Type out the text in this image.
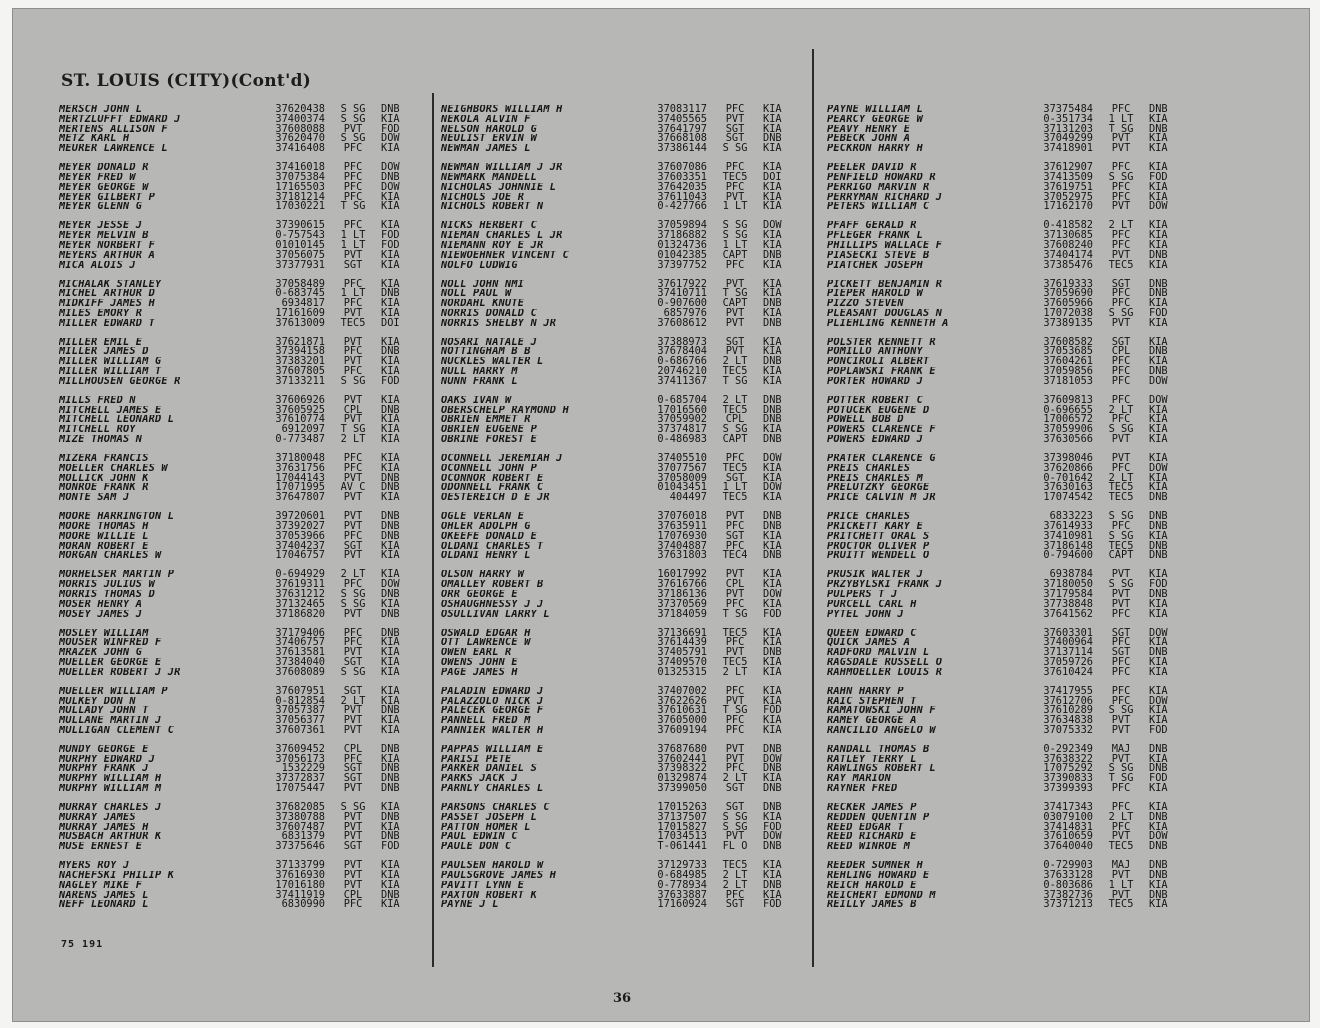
ST. LOUIS (CITY)(Cont'd)
MERSCH JOHN L	37620438	S SG	DNB
MERTZLUFFT EDWARD J	37400374	S SG	KIA
MERTENS ALLISON F	37608088	PVT	FOD
METZ KARL H	37620470	S SG	DOW
MEURER LAWRENCE L	37416408	PFC	KIA
MEYER DONALD R	37416018	PFC	DOW
MEYER FRED W	37075384	PFC	DNB
MEYER GEORGE W	17165503	PFC	DOW
MEYER GILBERT P	37181214	PFC	KIA
MEYER GLENN G	17030221	T SG	KIA
MEYER JESSE J	37390615	PFC	KIA
MEYER MELVIN B	0-757543	1 LT	FOD
MEYER NORBERT F	01010145	1 LT	FOD
MEYERS ARTHUR A	37056075	PVT	KIA
MICA ALOIS J	37377931	SGT	KIA
MICHALAK STANLEY	37058489	PFC	KIA
MICHEL ARTHUR D	0-683745	1 LT	DNB
MIDKIFF JAMES H	6934817	PFC	KIA
MILES EMORY R	17161609	PVT	KIA
MILLER EDWARD T	37613009	TEC5	DOI
MILLER EMIL E	37621871	PVT	KIA
MILLER JAMES D	37394158	PFC	DNB
MILLER WILLIAM G	37383201	PVT	KIA
MILLER WILLIAM T	37607805	PFC	KIA
MILLHOUSEN GEORGE R	37133211	S SG	FOD
MILLS FRED N	37606926	PVT	KIA
MITCHELL JAMES E	37605925	CPL	DNB
MITCHELL LEONARD L	37610774	PVT	KIA
MITCHELL ROY	6912097	T SG	KIA
MIZE THOMAS N	0-773487	2 LT	KIA
MIZERA FRANCIS	37180048	PFC	KIA
MOELLER CHARLES W	37631756	PFC	KIA
MOLLICK JOHN K	17044143	PVT	DNB
MONROE FRANK R	17071995	AV C	DNB
MONTE SAM J	37647807	PVT	KIA
MOORE HARRINGTON L	39720601	PVT	DNB
MOORE THOMAS H	37392027	PVT	DNB
MOORE WILLIE L	37053966	PFC	DNB
MORAN ROBERT E	37404237	SGT	KIA
MORGAN CHARLES W	17046757	PVT	KIA
MORHELSER MARTIN P	0-694929	2 LT	KIA
MORRIS JULIUS W	37619311	PFC	DOW
MORRIS THOMAS D	37631212	S SG	DNB
MOSER HENRY A	37132465	S SG	KIA
MOSEY JAMES J	37186820	PVT	DNB
MOSLEY WILLIAM	37179406	PFC	DNB
MOUSER WINFRED F	37406757	PFC	KIA
MRAZEK JOHN G	37613581	PVT	KIA
MUELLER GEORGE E	37384040	SGT	KIA
MUELLER ROBERT J JR	37608089	S SG	KIA
MUELLER WILLIAM P	37607951	SGT	KIA
MULKEY DON N	0-812854	2 LT	KIA
MULLADY JOHN T	37057387	PVT	DNB
MULLANE MARTIN J	37056377	PVT	KIA
MULLIGAN CLEMENT C	37607361	PVT	KIA
MUNDY GEORGE E	37609452	CPL	DNB
MURPHY EDWARD J	37056173	PFC	KIA
MURPHY FRANK J	1532229	SGT	DNB
MURPHY WILLIAM H	37372837	SGT	DNB
MURPHY WILLIAM M	17075447	PVT	DNB
MURRAY CHARLES J	37682085	S SG	KIA
MURRAY JAMES	37380788	PVT	DNB
MURRAY JAMES H	37607487	PVT	KIA
MUSBACH ARTHUR K	6831379	PVT	DNB
MUSE ERNEST E	37375646	SGT	FOD
MYERS ROY J	37133799	PVT	KIA
NACHEFSKI PHILIP K	37616930	PVT	KIA
NAGLEY MIKE F	17016180	PVT	KIA
NARENS JAMES L	37411919	CPL	DNB
NEFF LEONARD L	6830990	PFC	KIA
NEIGHBORS WILLIAM H	37083117	PFC	KIA
NEKOLA ALVIN F	37405565	PVT	KIA
NELSON HAROLD G	37641797	SGT	KIA
NEULIST ERVIN W	37668108	SGT	DNB
NEWMAN JAMES L	37386144	S SG	KIA
NEWMAN WILLIAM J JR	37607086	PFC	KIA
NEWMARK MANDELL	37603351	TEC5	DOI
NICHOLAS JOHNNIE L	37642035	PFC	KIA
NICHOLS JOE R	37611043	PVT	KIA
NICHOLS ROBERT N	0-427766	1 LT	KIA
NICKS HERBERT C	37059894	S SG	DOW
NIEMAN CHARLES L JR	37186882	S SG	KIA
NIEMANN ROY E JR	01324736	1 LT	KIA
NIEWOEHNER VINCENT C	01042385	CAPT	DNB
NOLFO LUDWIG	37397752	PFC	KIA
NOLL JOHN NMI	37617922	PVT	KIA
NOLL PAUL W	37410711	T SG	KIA
NORDAHL KNUTE	0-907600	CAPT	DNB
NORRIS DONALD C	6857976	PVT	KIA
NORRIS SHELBY N JR	37608612	PVT	DNB
NOSARI NATALE J	37388973	SGT	KIA
NOTTINGHAM B B	37678404	PVT	KIA
NUCKLES WALTER L	0-686766	2 LT	DNB
NULL HARRY M	20746210	TEC5	KIA
NUNN FRANK L	37411367	T SG	KIA
OAKS IVAN W	0-685704	2 LT	DNB
OBERSCHELP RAYMOND H	17016560	TEC5	DNB
OBRIEN EMMET R	37059902	CPL	DNB
OBRIEN EUGENE P	37374817	S SG	KIA
OBRINE FOREST E	0-486983	CAPT	DNB
OCONNELL JEREMIAH J	37405510	PFC	DOW
OCONNELL JOHN P	37077567	TEC5	KIA
OCONNOR ROBERT E	37058009	SGT	KIA
ODONNELL FRANK C	01043451	1 LT	DOW
OESTEREICH D E JR	404497	TEC5	KIA
OGLE VERLAN E	37076018	PVT	DNB
OHLER ADOLPH G	37635911	PFC	DNB
OKEEFE DONALD E	17076930	SGT	KIA
OLDANI CHARLES T	37404887	PFC	KIA
OLDANI HENRY L	37631803	TEC4	DNB
OLSON HARRY W	16017992	PVT	KIA
OMALLEY ROBERT B	37616766	CPL	KIA
ORR GEORGE E	37186136	PVT	DOW
OSHAUGHNESSY J J	37370569	PFC	KIA
OSULLIVAN LARRY L	37184059	T SG	FOD
OSWALD EDGAR H	37136691	TEC5	KIA
OTT LAWRENCE W	37614439	PFC	KIA
OWEN EARL R	37405791	PVT	DNB
OWENS JOHN E	37409570	TEC5	KIA
PAGE JAMES H	01325315	2 LT	KIA
PALADIN EDWARD J	37407002	PFC	KIA
PALAZZOLO NICK J	37622626	PVT	KIA
PALECEK GEORGE F	37610631	T SG	FOD
PANNELL FRED M	37605000	PFC	KIA
PANNIER WALTER H	37609194	PFC	KIA
PAPPAS WILLIAM E	37687680	PVT	DNB
PARISI PETE	37602441	PVT	DOW
PARKER DANIEL S	37398322	PFC	DNB
PARKS JACK J	01329874	2 LT	KIA
PARNLY CHARLES L	37399050	SGT	DNB
PARSONS CHARLES C	17015263	SGT	DNB
PASSET JOSEPH L	37137507	S SG	KIA
PATTON HOMER L	17015827	S SG	FOD
PAUL EDWIN C	17034513	PVT	DOW
PAULE DON C	T-061441	FL O	DNB
PAULSEN HAROLD W	37129733	TEC5	KIA
PAULSGROVE JAMES H	0-684985	2 LT	KIA
PAVITT LYNN E	0-778934	2 LT	DNB
PAXTON ROBERT K	37633887	PFC	KIA
PAYNE J L	17160924	SGT	FOD
PAYNE WILLIAM L	37375484	PFC	DNB
PEARCY GEORGE W	0-351734	1 LT	KIA
PEAVY HENRY E	37131203	T SG	DNB
PEBECK JOHN A	37049299	PVT	KIA
PECKRON HARRY H	37418901	PVT	KIA
PEELER DAVID R	37612907	PFC	KIA
PENFIELD HOWARD R	37413509	S SG	FOD
PERRIGO MARVIN R	37619751	PFC	KIA
PERRYMAN RICHARD J	37052975	PFC	KIA
PETERS WILLIAM C	17162170	PVT	DOW
PFAFF GERALD R	0-418582	2 LT	KIA
PFLEGER FRANK L	37130685	PFC	KIA
PHILLIPS WALLACE F	37608240	PFC	KIA
PIASECKI STEVE B	37404174	PVT	DNB
PIATCHEK JOSEPH	37385476	TEC5	KIA
PICKETT BENJAMIN R	37619333	SGT	DNB
PIEPER HAROLD W	37059690	PFC	DNB
PIZZO STEVEN	37605966	PFC	KIA
PLEASANT DOUGLAS N	17072038	S SG	FOD
PLIEHLING KENNETH A	37389135	PVT	KIA
POLSTER KENNETT R	37608582	SGT	KIA
POMILLO ANTHONY	37053685	CPL	DNB
PONCIROLI ALBERT	37604261	PFC	KIA
POPLAWSKI FRANK E	37059856	PFC	DNB
PORTER HOWARD J	37181053	PFC	DOW
POTTER ROBERT C	37609813	PFC	DOW
POTUCEK EUGENE D	0-696655	2 LT	KIA
POWELL BOB D	17006572	PFC	KIA
POWERS CLARENCE F	37059906	S SG	KIA
POWERS EDWARD J	37630566	PVT	KIA
PRATER CLARENCE G	37398046	PVT	KIA
PREIS CHARLES	37620866	PFC	DOW
PREIS CHARLES M	0-701642	2 LT	KIA
PRELUTZKY GEORGE	37630163	TEC5	KIA
PRICE CALVIN M JR	17074542	TEC5	DNB
PRICE CHARLES	6833223	S SG	DNB
PRICKETT KARY E	37614933	PFC	DNB
PRITCHETT ORAL S	37410981	S SG	KIA
PROCTOR OLIVER P	37186148	TEC5	DNB
PRUITT WENDELL O	0-794600	CAPT	DNB
PRUSIK WALTER J	6938784	PVT	KIA
PRZYBYLSKI FRANK J	37180050	S SG	FOD
PULPERS T J	37179584	PVT	DNB
PURCELL CARL H	37738848	PVT	KIA
PYTEL JOHN J	37641562	PFC	KIA
QUEEN EDWARD C	37603301	SGT	DOW
QUICK JAMES A	37400964	PFC	KIA
RADFORD MALVIN L	37137114	SGT	DNB
RAGSDALE RUSSELL O	37059726	PFC	KIA
RAHMOELLER LOUIS R	37610424	PFC	KIA
RAHN HARRY P	37417955	PFC	KIA
RAIC STEPHEN T	37612706	PFC	DOW
RAMATOWSKI JOHN F	37610289	S SG	KIA
RAMEY GEORGE A	37634838	PVT	KIA
RANCILIO ANGELO W	37075332	PVT	FOD
RANDALL THOMAS B	0-292349	MAJ	DNB
RATLEY TERRY L	37638322	PVT	KIA
RAWLINGS ROBERT L	17075292	S SG	DNB
RAY MARION	37390833	T SG	FOD
RAYNER FRED	37399393	PFC	KIA
RECKER JAMES P	37417343	PFC	KIA
REDDEN QUENTIN P	03079100	2 LT	DNB
REED EDGAR T	37414831	PFC	KIA
REED RICHARD E	37610659	PVT	DOW
REED WINROE M	37640040	TEC5	DNB
REEDER SUMNER H	0-729903	MAJ	DNB
REHLING HOWARD E	37633128	PVT	DNB
REICH HAROLD E	0-803686	1 LT	KIA
REICHERT EDMOND M	37382736	PVT	DNB
REILLY JAMES B	37371213	TEC5	KIA
75 191
36
